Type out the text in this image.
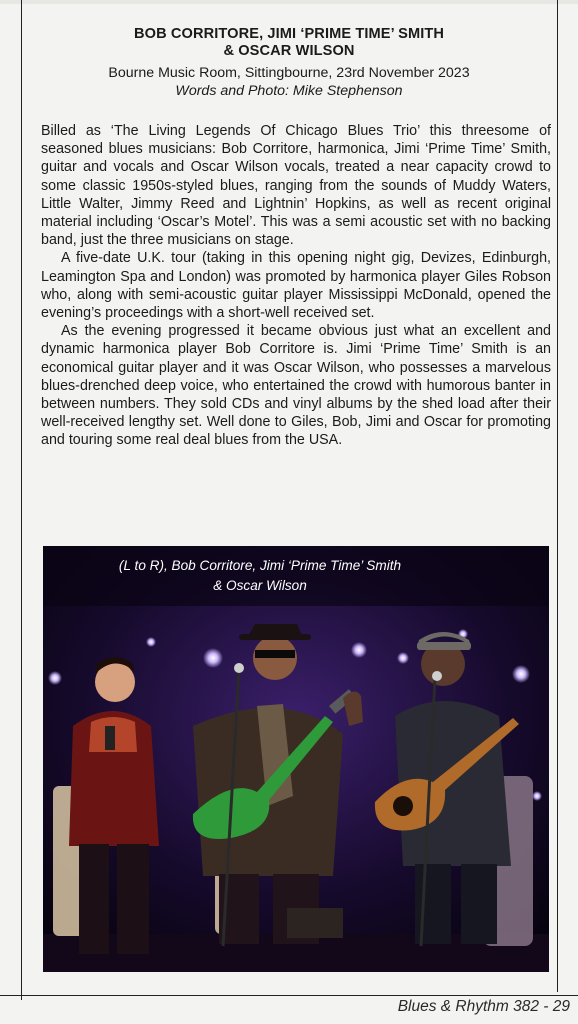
BOB CORRITORE, JIMI ‘PRIME TIME’ SMITH
& OSCAR WILSON
Bourne Music Room, Sittingbourne, 23rd November 2023
Words and Photo: Mike Stephenson

Billed as ‘The Living Legends Of Chicago Blues Trio’ this threesome of seasoned blues musicians: Bob Corritore, harmonica, Jimi ‘Prime Time’ Smith, guitar and vocals and Oscar Wilson vocals, treated a near capacity crowd to some classic 1950s-styled blues, ranging from the sounds of Muddy Waters, Little Walter, Jimmy Reed and Lightnin’ Hopkins, as well as recent original material including ‘Oscar’s Motel’. This was a semi acoustic set with no backing band, just the three musicians on stage.

A five-date U.K. tour (taking in this opening night gig, Devizes, Edinburgh, Leamington Spa and London) was promoted by harmonica player Giles Robson who, along with semi-acoustic guitar player Mississippi McDonald, opened the evening’s proceedings with a short-well received set.

As the evening progressed it became obvious just what an excellent and dynamic harmonica player Bob Corritore is. Jimi ‘Prime Time’ Smith is an economical guitar player and it was Oscar Wilson, who possesses a marvelous blues-drenched deep voice, who entertained the crowd with humorous banter in between numbers. They sold CDs and vinyl albums by the shed load after their well-received lengthy set. Well done to Giles, Bob, Jimi and Oscar for promoting and touring some real deal blues from the USA.

(L to R), Bob Corritore, Jimi ‘Prime Time’ Smith
& Oscar Wilson
Blues & Rhythm 382 - 29
